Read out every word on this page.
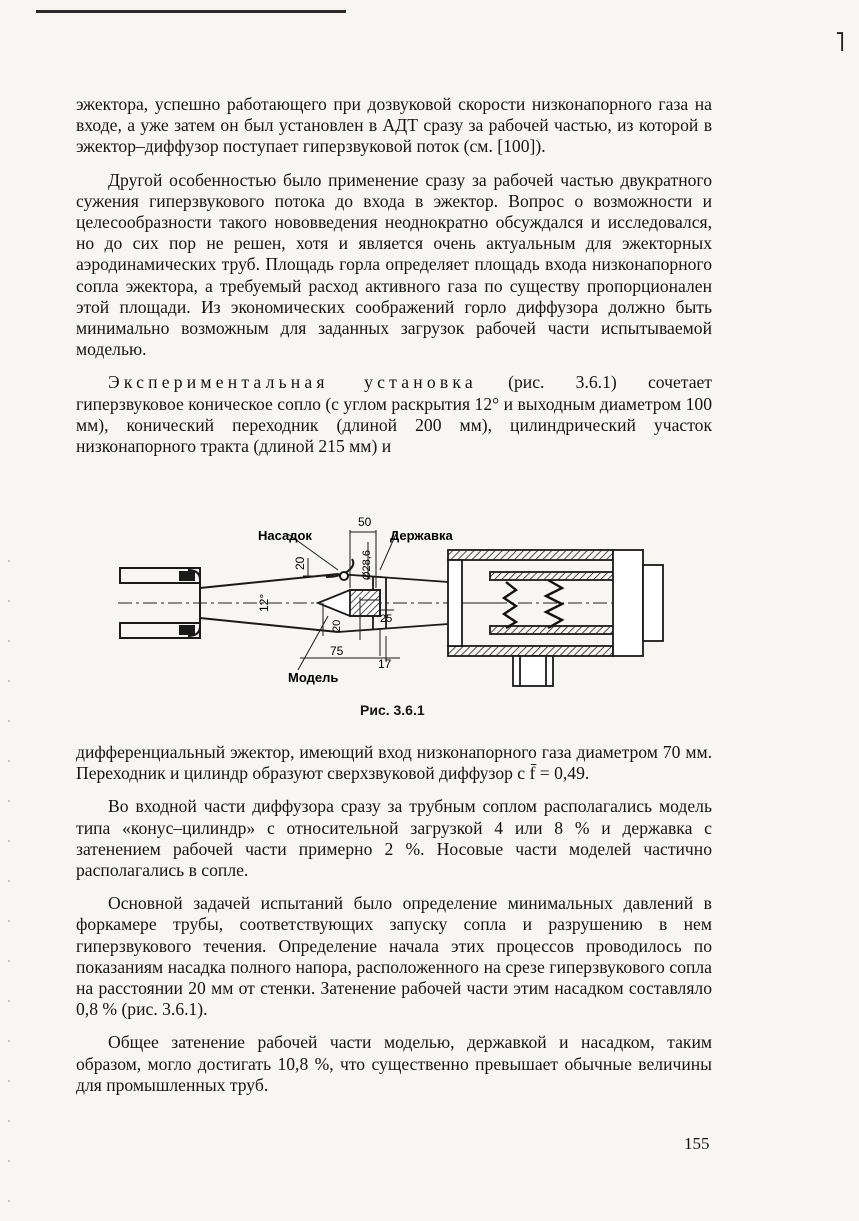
˥

эжектора, успешно работающего при дозвуковой скорости низконапорного газа на входе, а уже затем он был установлен в АДТ сразу за рабочей частью, из которой в эжектор–диффузор поступает гиперзвуковой поток (см. [100]).

Другой особенностью было применение сразу за рабочей частью двукратного сужения гиперзвукового потока до входа в эжектор. Вопрос о возможности и целесообразности такого нововведения неоднократно обсуждался и исследовался, но до сих пор не решен, хотя и является очень актуальным для эжекторных аэродинамических труб. Площадь горла определяет площадь входа низконапорного сопла эжектора, а требуемый расход активного газа по существу пропорционален этой площади. Из экономических соображений горло диффузора должно быть минимально возможным для заданных загрузок рабочей части испытываемой моделью.

Экспериментальная установка (рис. 3.6.1) сочетает гиперзвуковое коническое сопло (с углом раскрытия 12° и выходным диаметром 100 мм), конический переходник (длиной 200 мм), цилиндрический участок низконапорного тракта (длиной 215 мм) и

Насадок	Державка
Модель
50
20	Ø28,6
12°
20
25
75
17
Рис. 3.6.1

дифференциальный эжектор, имеющий вход низконапорного газа диаметром 70 мм. Переходник и цилиндр образуют сверхзвуковой диффузор с f̄ = 0,49.

Во входной части диффузора сразу за трубным соплом располагались модель типа «конус–цилиндр» с относительной загрузкой 4 или 8 % и державка с затенением рабочей части примерно 2 %. Носовые части моделей частично располагались в сопле.

Основной задачей испытаний было определение минимальных давлений в форкамере трубы, соответствующих запуску сопла и разрушению в нем гиперзвукового течения. Определение начала этих процессов проводилось по показаниям насадка полного напора, расположенного на срезе гиперзвукового сопла на расстоянии 20 мм от стенки. Затенение рабочей части этим насадком составляло 0,8 % (рис. 3.6.1).

Общее затенение рабочей части моделью, державкой и насадком, таким образом, могло достигать 10,8 %, что существенно превышает обычные величины для промышленных труб.

155
